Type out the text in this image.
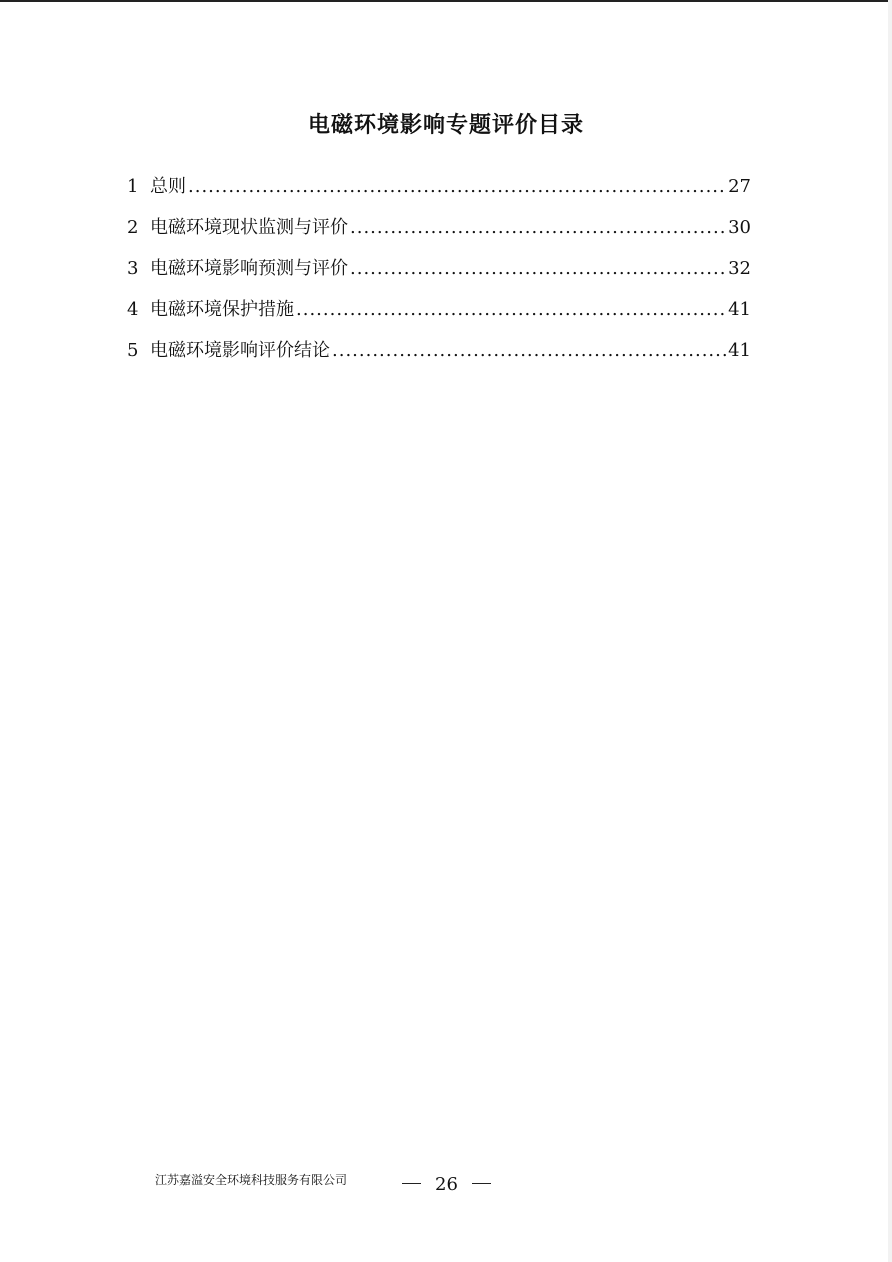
电磁环境影响专题评价目录
1 总则 .....	27
2 电磁环境现状监测与评价 .....	30
3 电磁环境影响预测与评价 .....	32
4 电磁环境保护措施 .....	41
5 电磁环境影响评价结论 .....	41
江苏嘉溢安全环境科技服务有限公司	26
